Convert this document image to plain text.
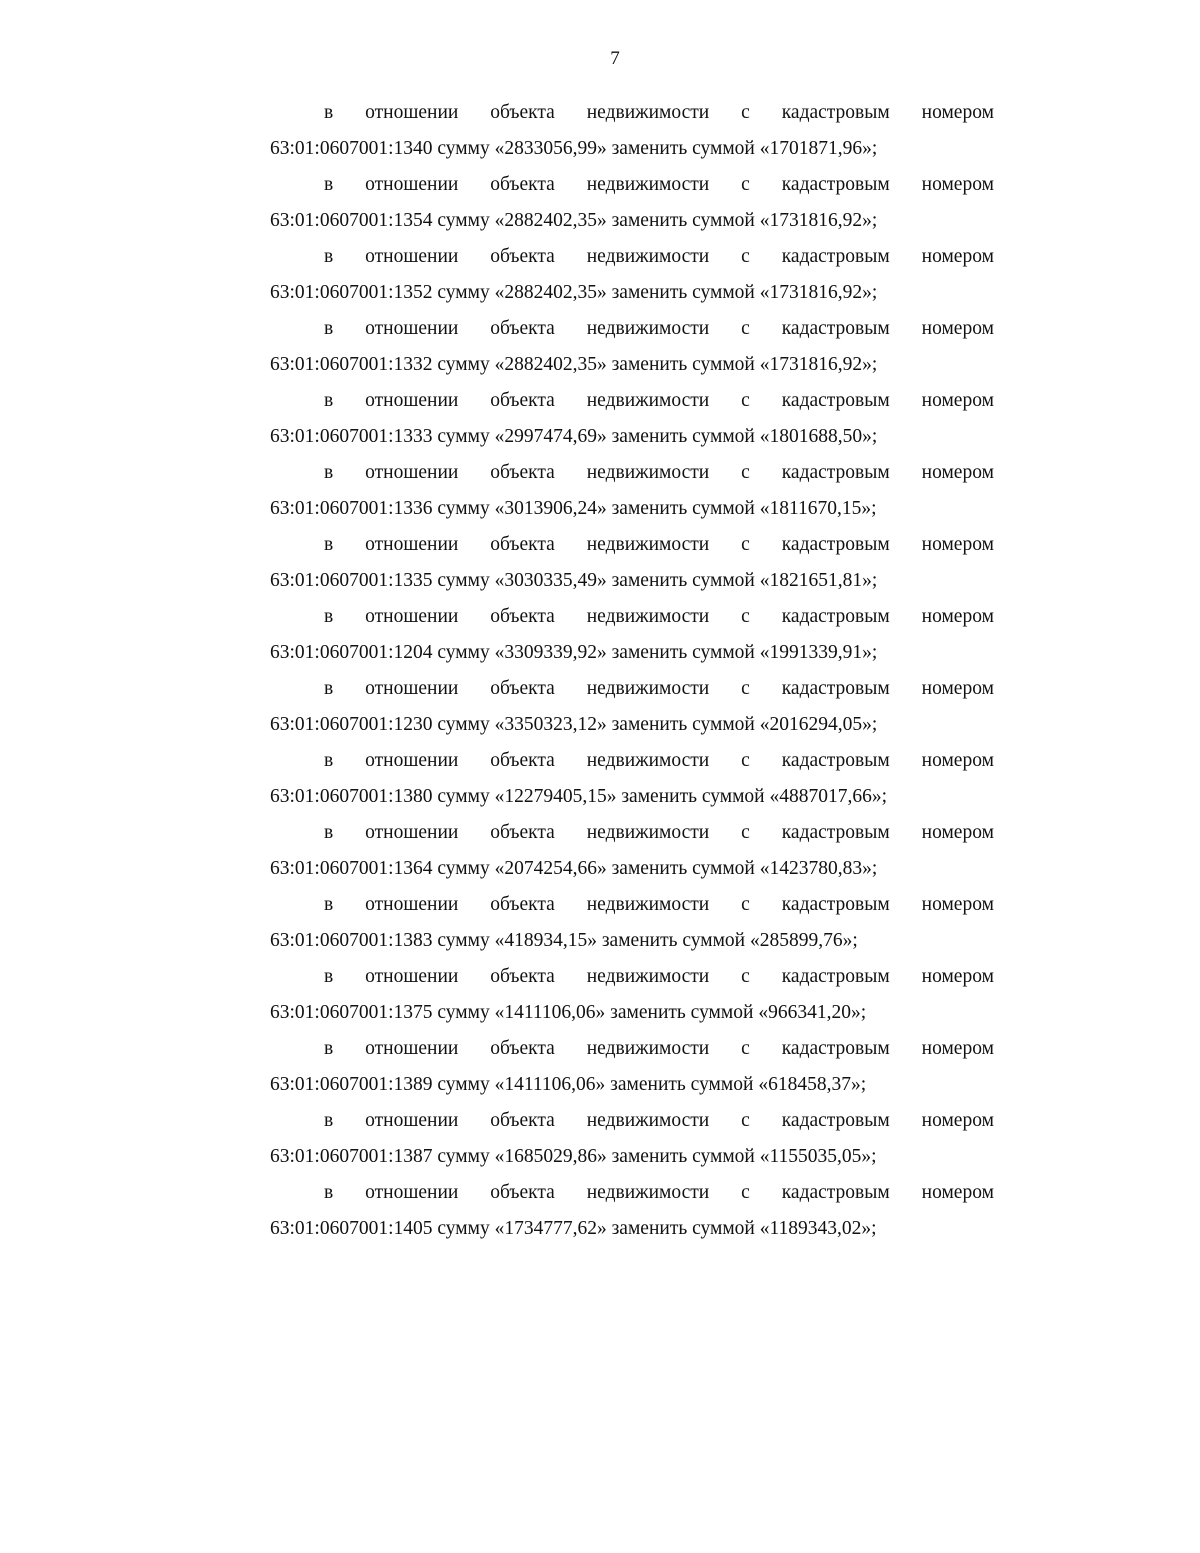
7
в отношении объекта недвижимости с кадастровым номером
63:01:0607001:1340 сумму «2833056,99» заменить суммой «1701871,96»;
в отношении объекта недвижимости с кадастровым номером
63:01:0607001:1354 сумму «2882402,35» заменить суммой «1731816,92»;
в отношении объекта недвижимости с кадастровым номером
63:01:0607001:1352 сумму «2882402,35» заменить суммой «1731816,92»;
в отношении объекта недвижимости с кадастровым номером
63:01:0607001:1332 сумму «2882402,35» заменить суммой «1731816,92»;
в отношении объекта недвижимости с кадастровым номером
63:01:0607001:1333 сумму «2997474,69» заменить суммой «1801688,50»;
в отношении объекта недвижимости с кадастровым номером
63:01:0607001:1336 сумму «3013906,24» заменить суммой «1811670,15»;
в отношении объекта недвижимости с кадастровым номером
63:01:0607001:1335 сумму «3030335,49» заменить суммой «1821651,81»;
в отношении объекта недвижимости с кадастровым номером
63:01:0607001:1204 сумму «3309339,92» заменить суммой «1991339,91»;
в отношении объекта недвижимости с кадастровым номером
63:01:0607001:1230 сумму «3350323,12» заменить суммой «2016294,05»;
в отношении объекта недвижимости с кадастровым номером
63:01:0607001:1380 сумму «12279405,15» заменить суммой «4887017,66»;
в отношении объекта недвижимости с кадастровым номером
63:01:0607001:1364 сумму «2074254,66» заменить суммой «1423780,83»;
в отношении объекта недвижимости с кадастровым номером
63:01:0607001:1383 сумму «418934,15» заменить суммой «285899,76»;
в отношении объекта недвижимости с кадастровым номером
63:01:0607001:1375 сумму «1411106,06» заменить суммой «966341,20»;
в отношении объекта недвижимости с кадастровым номером
63:01:0607001:1389 сумму «1411106,06» заменить суммой «618458,37»;
в отношении объекта недвижимости с кадастровым номером
63:01:0607001:1387 сумму «1685029,86» заменить суммой «1155035,05»;
в отношении объекта недвижимости с кадастровым номером
63:01:0607001:1405 сумму «1734777,62» заменить суммой «1189343,02»;
